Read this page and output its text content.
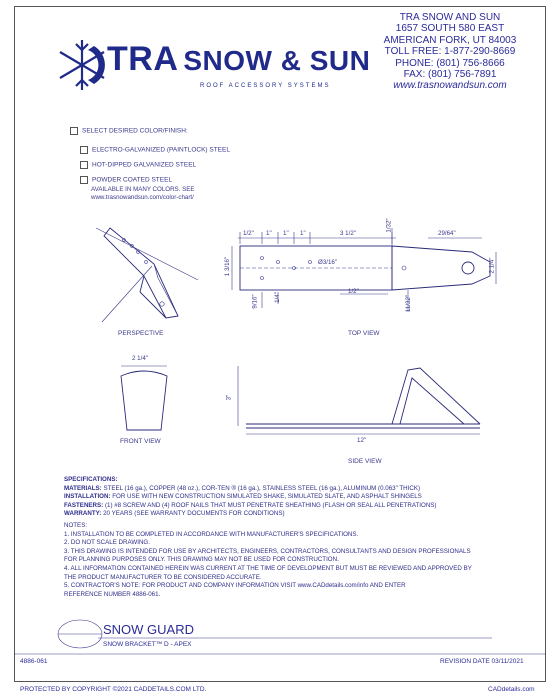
TRA SNOW & SUN
ROOF ACCESSORY SYSTEMS
TRA SNOW AND SUN
1657 SOUTH 580 EAST
AMERICAN FORK, UT 84003
TOLL FREE: 1-877-290-8669
PHONE: (801) 756-8666
FAX: (801) 756-7891
www.trasnowandsun.com
SELECT DESIRED COLOR/FINISH:
ELECTRO-GALVANIZED (PAINTLOCK) STEEL
HOT-DIPPED GALVANIZED STEEL
POWDER COATED STEEL
AVAILABLE IN MANY COLORS. SEE
www.trasnowandsun.com/color-chart/
PERSPECTIVE
1/2" 1" 1" 1"	3 1/2"
1/32"
29/64"
1 3/16"	Ø3/16"	2 1/4"
9/16" 1/4"
1/2"
11/32"
TOP VIEW
2 1/4"
FRONT VIEW
3"
12"
SIDE VIEW
SPECIFICATIONS:
MATERIALS: STEEL (16 ga.), COPPER (48 oz.), COR-TEN ® (16 ga.), STAINLESS STEEL (16 ga.), ALUMINUM (0.063" THICK)
INSTALLATION: FOR USE WITH NEW CONSTRUCTION SIMULATED SHAKE, SIMULATED SLATE, AND ASPHALT SHINGELS
FASTENERS: (1) #8 SCREW AND (4) ROOF NAILS THAT MUST PENETRATE SHEATHING (FLASH OR SEAL ALL PENETRATIONS)
WARRANTY: 20 YEARS (SEE WARRANTY DOCUMENTS FOR CONDITIONS)
NOTES:
1. INSTALLATION TO BE COMPLETED IN ACCORDANCE WITH MANUFACTURER'S SPECIFICATIONS.
2. DO NOT SCALE DRAWING.
3. THIS DRAWING IS INTENDED FOR USE BY ARCHITECTS, ENGINEERS, CONTRACTORS, CONSULTANTS AND DESIGN PROFESSIONALS
FOR PLANNING PURPOSES ONLY. THIS DRAWING MAY NOT BE USED FOR CONSTRUCTION.
4. ALL INFORMATION CONTAINED HEREIN WAS CURRENT AT THE TIME OF DEVELOPMENT BUT MUST BE REVIEWED AND APPROVED BY
THE PRODUCT MANUFACTURER TO BE CONSIDERED ACCURATE.
5. CONTRACTOR'S NOTE: FOR PRODUCT AND COMPANY INFORMATION VISIT www.CADdetails.com/info AND ENTER
REFERENCE NUMBER 4886-061.
SNOW GUARD
SNOW BRACKET™ D - APEX
4886-061	REVISION DATE 03/11/2021
PROTECTED BY COPYRIGHT ©2021 CADDETAILS.COM LTD.	CADdetails.com
